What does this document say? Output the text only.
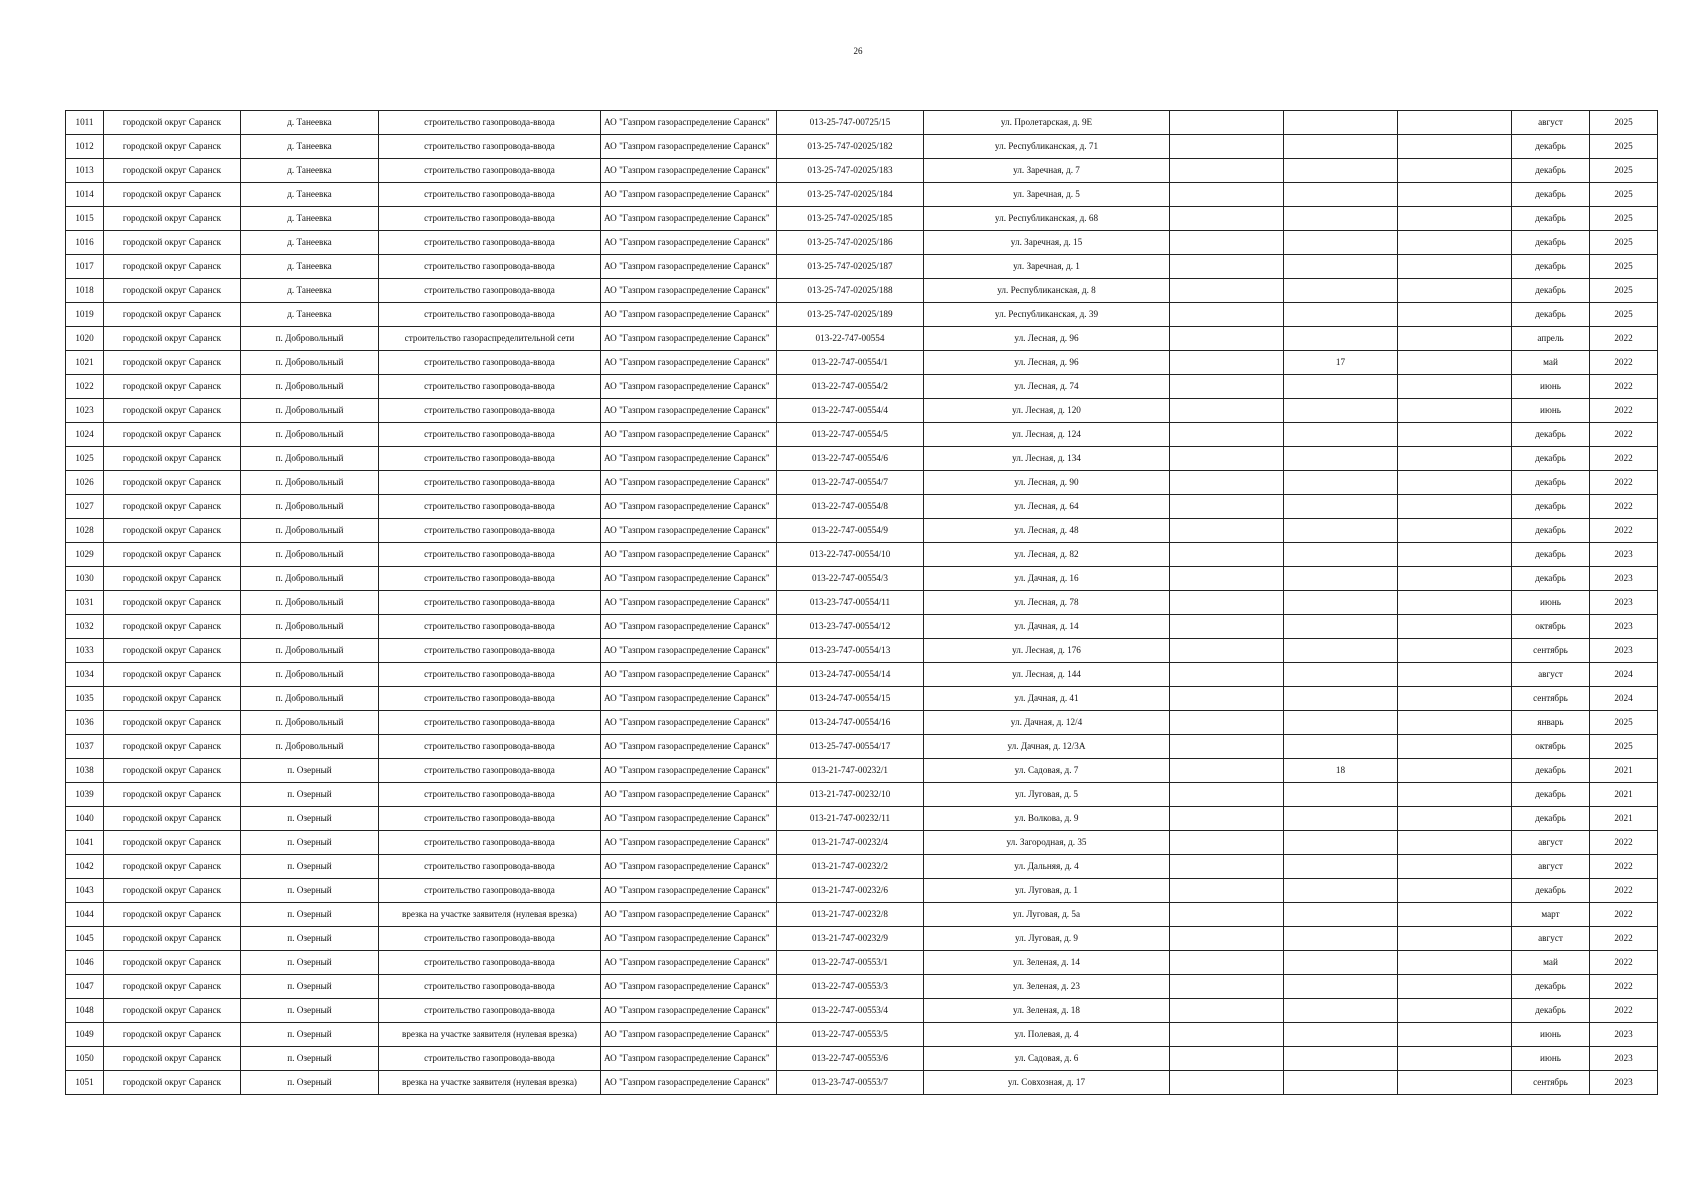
26
1011	городской округ Саранск	д. Танеевка	строительство газопровода-ввода	АО "Газпром газораспределение Саранск"	013-25-747-00725/15	ул. Пролетарская, д. 9Е				август	2025
1012	городской округ Саранск	д. Танеевка	строительство газопровода-ввода	АО "Газпром газораспределение Саранск"	013-25-747-02025/182	ул. Республиканская, д. 71				декабрь	2025
1013	городской округ Саранск	д. Танеевка	строительство газопровода-ввода	АО "Газпром газораспределение Саранск"	013-25-747-02025/183	ул. Заречная, д. 7				декабрь	2025
1014	городской округ Саранск	д. Танеевка	строительство газопровода-ввода	АО "Газпром газораспределение Саранск"	013-25-747-02025/184	ул. Заречная, д. 5				декабрь	2025
1015	городской округ Саранск	д. Танеевка	строительство газопровода-ввода	АО "Газпром газораспределение Саранск"	013-25-747-02025/185	ул. Республиканская, д. 68				декабрь	2025
1016	городской округ Саранск	д. Танеевка	строительство газопровода-ввода	АО "Газпром газораспределение Саранск"	013-25-747-02025/186	ул. Заречная, д. 15				декабрь	2025
1017	городской округ Саранск	д. Танеевка	строительство газопровода-ввода	АО "Газпром газораспределение Саранск"	013-25-747-02025/187	ул. Заречная, д. 1				декабрь	2025
1018	городской округ Саранск	д. Танеевка	строительство газопровода-ввода	АО "Газпром газораспределение Саранск"	013-25-747-02025/188	ул. Республиканская, д. 8				декабрь	2025
1019	городской округ Саранск	д. Танеевка	строительство газопровода-ввода	АО "Газпром газораспределение Саранск"	013-25-747-02025/189	ул. Республиканская, д. 39				декабрь	2025
1020	городской округ Саранск	п. Добровольный	строительство газораспределительной сети	АО "Газпром газораспределение Саранск"	013-22-747-00554	ул. Лесная, д. 96				апрель	2022
1021	городской округ Саранск	п. Добровольный	строительство газопровода-ввода	АО "Газпром газораспределение Саранск"	013-22-747-00554/1	ул. Лесная, д. 96		17		май	2022
1022	городской округ Саранск	п. Добровольный	строительство газопровода-ввода	АО "Газпром газораспределение Саранск"	013-22-747-00554/2	ул. Лесная, д. 74				июнь	2022
1023	городской округ Саранск	п. Добровольный	строительство газопровода-ввода	АО "Газпром газораспределение Саранск"	013-22-747-00554/4	ул. Лесная, д. 120				июнь	2022
1024	городской округ Саранск	п. Добровольный	строительство газопровода-ввода	АО "Газпром газораспределение Саранск"	013-22-747-00554/5	ул. Лесная, д. 124				декабрь	2022
1025	городской округ Саранск	п. Добровольный	строительство газопровода-ввода	АО "Газпром газораспределение Саранск"	013-22-747-00554/6	ул. Лесная, д. 134				декабрь	2022
1026	городской округ Саранск	п. Добровольный	строительство газопровода-ввода	АО "Газпром газораспределение Саранск"	013-22-747-00554/7	ул. Лесная, д. 90				декабрь	2022
1027	городской округ Саранск	п. Добровольный	строительство газопровода-ввода	АО "Газпром газораспределение Саранск"	013-22-747-00554/8	ул. Лесная, д. 64				декабрь	2022
1028	городской округ Саранск	п. Добровольный	строительство газопровода-ввода	АО "Газпром газораспределение Саранск"	013-22-747-00554/9	ул. Лесная, д. 48				декабрь	2022
1029	городской округ Саранск	п. Добровольный	строительство газопровода-ввода	АО "Газпром газораспределение Саранск"	013-22-747-00554/10	ул. Лесная, д. 82				декабрь	2023
1030	городской округ Саранск	п. Добровольный	строительство газопровода-ввода	АО "Газпром газораспределение Саранск"	013-22-747-00554/3	ул. Дачная, д. 16				декабрь	2023
1031	городской округ Саранск	п. Добровольный	строительство газопровода-ввода	АО "Газпром газораспределение Саранск"	013-23-747-00554/11	ул. Лесная, д. 78				июнь	2023
1032	городской округ Саранск	п. Добровольный	строительство газопровода-ввода	АО "Газпром газораспределение Саранск"	013-23-747-00554/12	ул. Дачная, д. 14				октябрь	2023
1033	городской округ Саранск	п. Добровольный	строительство газопровода-ввода	АО "Газпром газораспределение Саранск"	013-23-747-00554/13	ул. Лесная, д. 176				сентябрь	2023
1034	городской округ Саранск	п. Добровольный	строительство газопровода-ввода	АО "Газпром газораспределение Саранск"	013-24-747-00554/14	ул. Лесная, д. 144				август	2024
1035	городской округ Саранск	п. Добровольный	строительство газопровода-ввода	АО "Газпром газораспределение Саранск"	013-24-747-00554/15	ул. Дачная, д. 41				сентябрь	2024
1036	городской округ Саранск	п. Добровольный	строительство газопровода-ввода	АО "Газпром газораспределение Саранск"	013-24-747-00554/16	ул. Дачная, д. 12/4				январь	2025
1037	городской округ Саранск	п. Добровольный	строительство газопровода-ввода	АО "Газпром газораспределение Саранск"	013-25-747-00554/17	ул. Дачная, д. 12/3А				октябрь	2025
1038	городской округ Саранск	п. Озерный	строительство газопровода-ввода	АО "Газпром газораспределение Саранск"	013-21-747-00232/1	ул. Садовая, д. 7		18		декабрь	2021
1039	городской округ Саранск	п. Озерный	строительство газопровода-ввода	АО "Газпром газораспределение Саранск"	013-21-747-00232/10	ул. Луговая, д. 5				декабрь	2021
1040	городской округ Саранск	п. Озерный	строительство газопровода-ввода	АО "Газпром газораспределение Саранск"	013-21-747-00232/11	ул. Волкова, д. 9				декабрь	2021
1041	городской округ Саранск	п. Озерный	строительство газопровода-ввода	АО "Газпром газораспределение Саранск"	013-21-747-00232/4	ул. Загородная, д. 35				август	2022
1042	городской округ Саранск	п. Озерный	строительство газопровода-ввода	АО "Газпром газораспределение Саранск"	013-21-747-00232/2	ул. Дальняя, д. 4				август	2022
1043	городской округ Саранск	п. Озерный	строительство газопровода-ввода	АО "Газпром газораспределение Саранск"	013-21-747-00232/6	ул. Луговая, д. 1				декабрь	2022
1044	городской округ Саранск	п. Озерный	врезка на участке заявителя (нулевая врезка)	АО "Газпром газораспределение Саранск"	013-21-747-00232/8	ул. Луговая, д. 5а				март	2022
1045	городской округ Саранск	п. Озерный	строительство газопровода-ввода	АО "Газпром газораспределение Саранск"	013-21-747-00232/9	ул. Луговая, д. 9				август	2022
1046	городской округ Саранск	п. Озерный	строительство газопровода-ввода	АО "Газпром газораспределение Саранск"	013-22-747-00553/1	ул. Зеленая, д. 14				май	2022
1047	городской округ Саранск	п. Озерный	строительство газопровода-ввода	АО "Газпром газораспределение Саранск"	013-22-747-00553/3	ул. Зеленая, д. 23				декабрь	2022
1048	городской округ Саранск	п. Озерный	строительство газопровода-ввода	АО "Газпром газораспределение Саранск"	013-22-747-00553/4	ул. Зеленая, д. 18				декабрь	2022
1049	городской округ Саранск	п. Озерный	врезка на участке заявителя (нулевая врезка)	АО "Газпром газораспределение Саранск"	013-22-747-00553/5	ул. Полевая, д. 4				июнь	2023
1050	городской округ Саранск	п. Озерный	строительство газопровода-ввода	АО "Газпром газораспределение Саранск"	013-22-747-00553/6	ул. Садовая, д. 6				июнь	2023
1051	городской округ Саранск	п. Озерный	врезка на участке заявителя (нулевая врезка)	АО "Газпром газораспределение Саранск"	013-23-747-00553/7	ул. Совхозная, д. 17				сентябрь	2023
